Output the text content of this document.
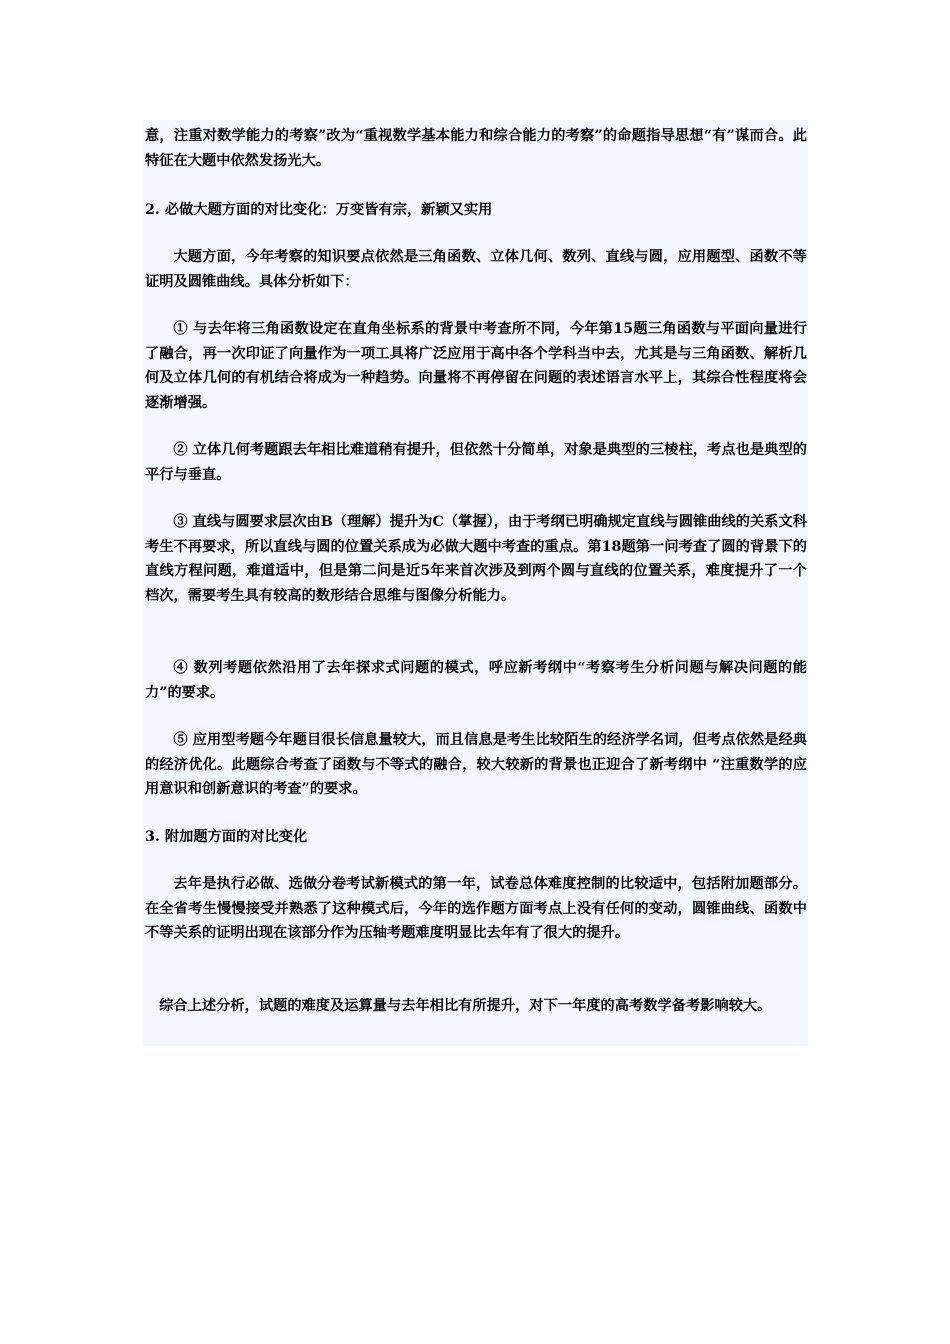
意，注重对数学能力的考察”改为“重视数学基本能力和综合能力的考察”的命题指导思想“有”谋而合。此特征在大题中依然发扬光大。

2. 必做大题方面的对比变化：万变皆有宗，新颖又实用

大题方面，今年考察的知识要点依然是三角函数、立体几何、数列、直线与圆，应用题型、函数不等证明及圆锥曲线。具体分析如下：

① 与去年将三角函数设定在直角坐标系的背景中考查所不同，今年第15题三角函数与平面向量进行了融合，再一次印证了向量作为一项工具将广泛应用于高中各个学科当中去，尤其是与三角函数、解析几何及立体几何的有机结合将成为一种趋势。向量将不再停留在问题的表述语言水平上，其综合性程度将会逐渐增强。

② 立体几何考题跟去年相比难道稍有提升，但依然十分简单，对象是典型的三棱柱，考点也是典型的平行与垂直。

③ 直线与圆要求层次由B（理解）提升为C（掌握），由于考纲已明确规定直线与圆锥曲线的关系文科考生不再要求，所以直线与圆的位置关系成为必做大题中考查的重点。第18题第一问考查了圆的背景下的直线方程问题，难道适中，但是第二问是近5年来首次涉及到两个圆与直线的位置关系，难度提升了一个档次，需要考生具有较高的数形结合思维与图像分析能力。

④ 数列考题依然沿用了去年探求式问题的模式，呼应新考纲中“考察考生分析问题与解决问题的能力”的要求。

⑤ 应用型考题今年题目很长信息量较大，而且信息是考生比较陌生的经济学名词，但考点依然是经典的经济优化。此题综合考查了函数与不等式的融合，较大较新的背景也正迎合了新考纲中 “注重数学的应用意识和创新意识的考查”的要求。

3. 附加题方面的对比变化

去年是执行必做、选做分卷考试新模式的第一年，试卷总体难度控制的比较适中，包括附加题部分。在全省考生慢慢接受并熟悉了这种模式后，今年的选作题方面考点上没有任何的变动，圆锥曲线、函数中不等关系的证明出现在该部分作为压轴考题难度明显比去年有了很大的提升。

综合上述分析，试题的难度及运算量与去年相比有所提升，对下一年度的高考数学备考影响较大。
